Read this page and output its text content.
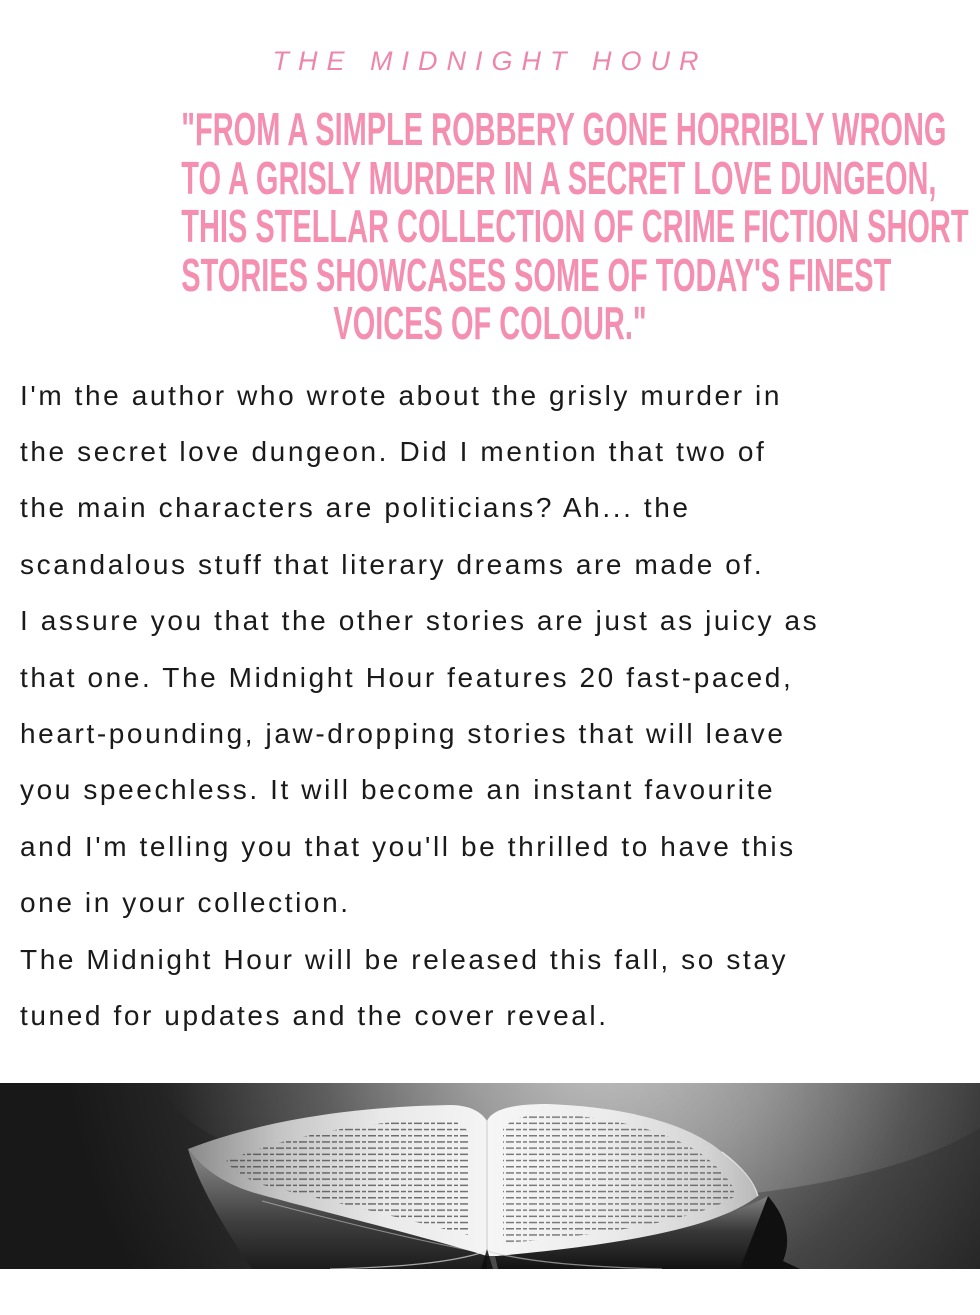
THE MIDNIGHT HOUR
"FROM A SIMPLE ROBBERY GONE HORRIBLY WRONG
TO A GRISLY MURDER IN A SECRET LOVE DUNGEON,
THIS STELLAR COLLECTION OF CRIME FICTION SHORT
STORIES SHOWCASES SOME OF TODAY'S FINEST
VOICES OF COLOUR."
I'm the author who wrote about the grisly murder in
the secret love dungeon. Did I mention that two of
the main characters are politicians? Ah... the
scandalous stuff that literary dreams are made of.
I assure you that the other stories are just as juicy as
that one. The Midnight Hour features 20 fast-paced,
heart-pounding, jaw-dropping stories that will leave
you speechless. It will become an instant favourite
and I'm telling you that you'll be thrilled to have this
one in your collection.
The Midnight Hour will be released this fall, so stay
tuned for updates and the cover reveal.
